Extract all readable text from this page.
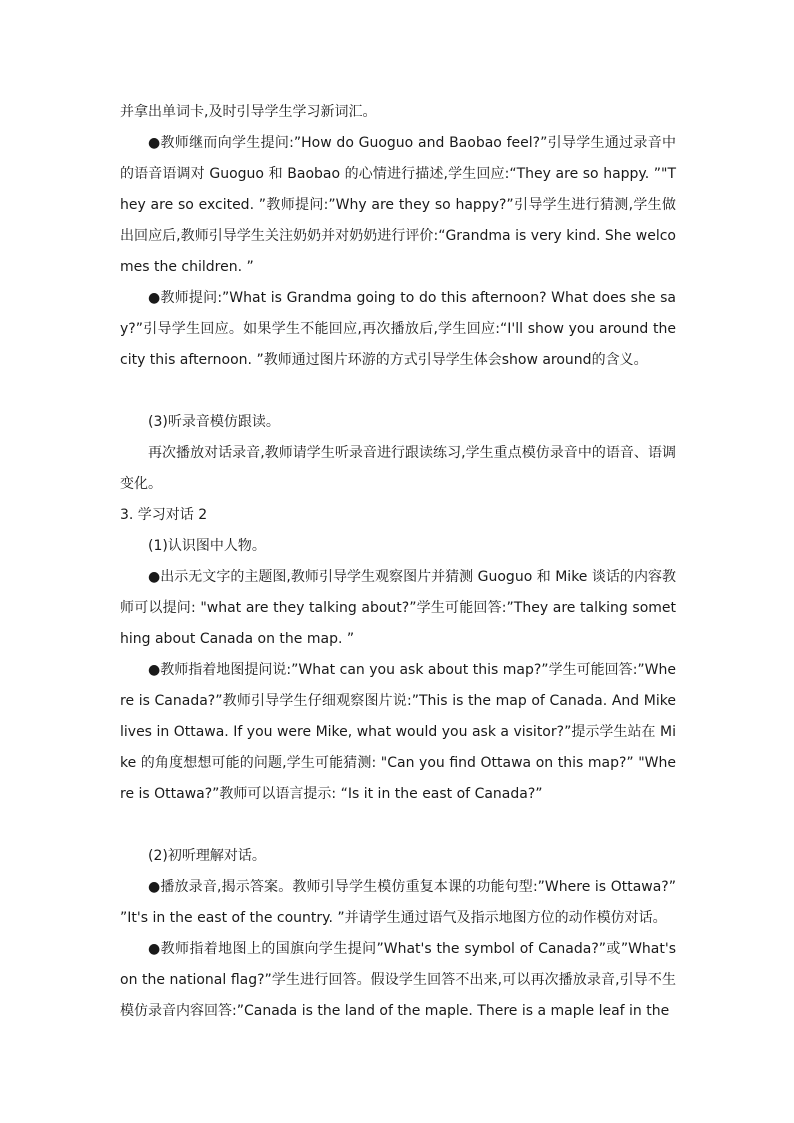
并拿出单词卡,及时引导学生学习新词汇。

●教师继而向学生提问:”How do Guoguo and Baobao feel?”引导学生通过录音中的语音语调对 Guoguo 和 Baobao 的心情进行描述,学生回应:“They are so happy. ”"They are so excited. ”教师提问:”Why are they so happy?”引导学生进行猜测,学生做出回应后,教师引导学生关注奶奶并对奶奶进行评价:“Grandma is very kind. She welcomes the children. ”

●教师提问:”What is Grandma going to do this afternoon? What does she say?”引导学生回应。如果学生不能回应,再次播放后,学生回应:“I'll show you around the city this afternoon. ”教师通过图片环游的方式引导学生体会show around的含义。

(3)听录音模仿跟读。

再次播放对话录音,教师请学生听录音进行跟读练习,学生重点模仿录音中的语音、语调变化。

3. 学习对话 2

(1)认识图中人物。

●出示无文字的主题图,教师引导学生观察图片并猜测 Guoguo 和 Mike 谈话的内容教师可以提问: "what are they talking about?”学生可能回答:”They are talking something about Canada on the map. ”

●教师指着地图提问说:”What can you ask about this map?”学生可能回答:”Where is Canada?”教师引导学生仔细观察图片说:”This is the map of Canada. And Mike lives in Ottawa. If you were Mike, what would you ask a visitor?”提示学生站在 Mike 的角度想想可能的问题,学生可能猜测: "Can you find Ottawa on this map?” "Where is Ottawa?”教师可以语言提示: “Is it in the east of Canada?”

(2)初听理解对话。

●播放录音,揭示答案。教师引导学生模仿重复本课的功能句型:”Where is Ottawa?” ”It's in the east of the country. ”并请学生通过语气及指示地图方位的动作模仿对话。

●教师指着地图上的国旗向学生提问”What's the symbol of Canada?”或”What's on the national flag?”学生进行回答。假设学生回答不出来,可以再次播放录音,引导不生模仿录音内容回答:”Canada is the land of the maple. There is a maple leaf in the
